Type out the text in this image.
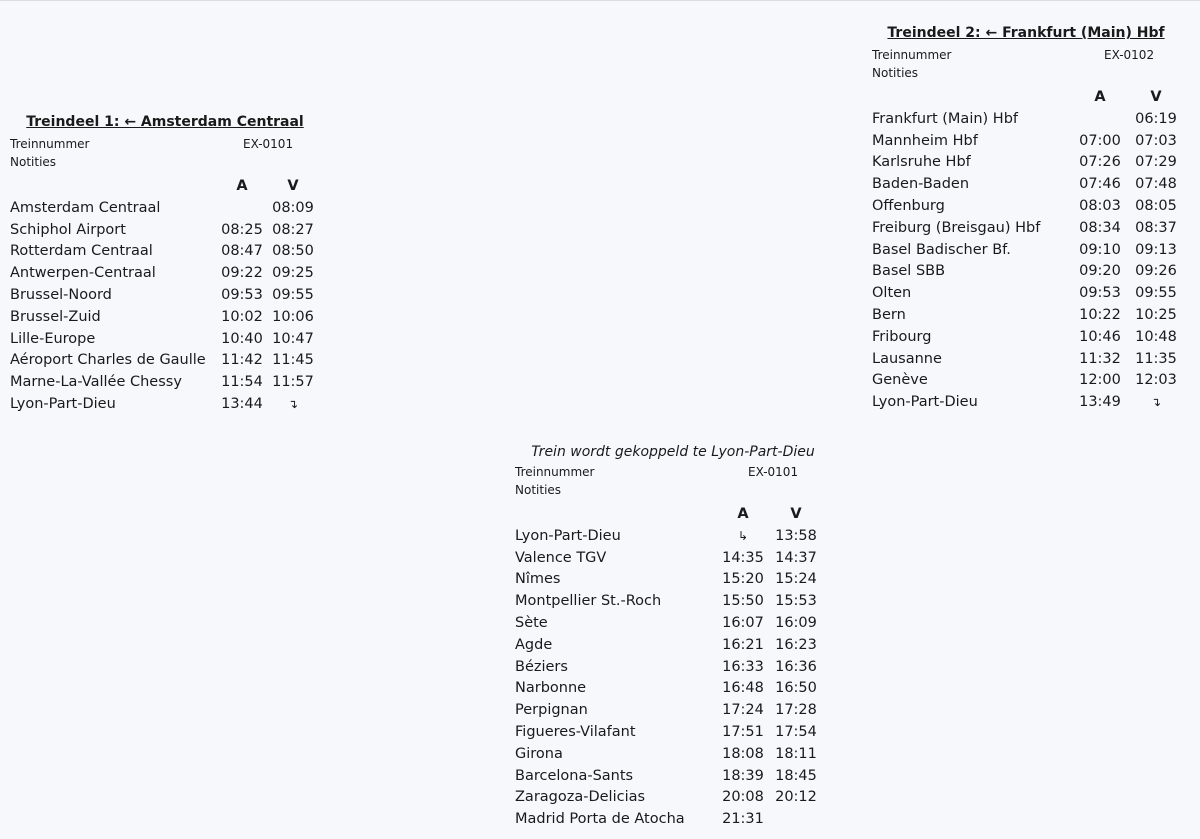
Treindeel 1: ← Amsterdam Centraal
Treinnummer	EX-0101
Notities
	A	V
Amsterdam Centraal		08:09
Schiphol Airport	08:25	08:27
Rotterdam Centraal	08:47	08:50
Antwerpen-Centraal	09:22	09:25
Brussel-Noord	09:53	09:55
Brussel-Zuid	10:02	10:06
Lille-Europe	10:40	10:47
Aéroport Charles de Gaulle	11:42	11:45
Marne-La-Vallée Chessy	11:54	11:57
Lyon-Part-Dieu	13:44	↴
Treindeel 2: ← Frankfurt (Main) Hbf
Treinnummer	EX-0102
Notities
	A	V
Frankfurt (Main) Hbf		06:19
Mannheim Hbf	07:00	07:03
Karlsruhe Hbf	07:26	07:29
Baden-Baden	07:46	07:48
Offenburg	08:03	08:05
Freiburg (Breisgau) Hbf	08:34	08:37
Basel Badischer Bf.	09:10	09:13
Basel SBB	09:20	09:26
Olten	09:53	09:55
Bern	10:22	10:25
Fribourg	10:46	10:48
Lausanne	11:32	11:35
Genève	12:00	12:03
Lyon-Part-Dieu	13:49	↴
Trein wordt gekoppeld te Lyon-Part-Dieu
Treinnummer	EX-0101
Notities
	A	V
Lyon-Part-Dieu	↳	13:58
Valence TGV	14:35	14:37
Nîmes	15:20	15:24
Montpellier St.-Roch	15:50	15:53
Sète	16:07	16:09
Agde	16:21	16:23
Béziers	16:33	16:36
Narbonne	16:48	16:50
Perpignan	17:24	17:28
Figueres-Vilafant	17:51	17:54
Girona	18:08	18:11
Barcelona-Sants	18:39	18:45
Zaragoza-Delicias	20:08	20:12
Madrid Porta de Atocha	21:31	
